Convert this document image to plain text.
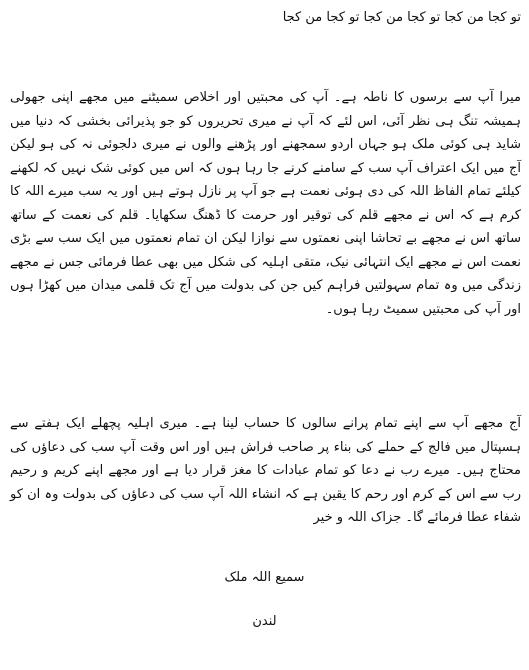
تو کجا من کجا تو کجا من کجا تو کجا من کجا
میرا آپ سے برسوں کا ناطہ ہے۔ آپ کی محبتیں اور اخلاص سمیٹنے میں مجھے اپنی جھولی ہمیشہ تنگ ہی نظر آئی، اس لئے کہ آپ نے میری تحریروں کو جو پذیرائی بخشی کہ دنیا میں شاید ہی کوئی ملک ہو جہاں اردو سمجھنے اور پڑھنے والوں نے میری دلجوئی نہ کی ہو لیکن آج میں ایک اعتراف آپ سب کے سامنے کرنے جا رہا ہوں کہ اس میں کوئی شک نہیں کہ لکھنے کیلئے تمام الفاظ اللہ کی دی ہوئی نعمت ہے جو آپ پر نازل ہوتے ہیں اور یہ سب میرے اللہ کا کرم ہے کہ اس نے مجھے قلم کی توقیر اور حرمت کا ڈھنگ سکھایا۔ قلم کی نعمت کے ساتھ ساتھ اس نے مجھے بے تحاشا اپنی نعمتوں سے نوازا لیکن ان تمام نعمتوں میں ایک سب سے بڑی نعمت اس نے مجھے ایک انتہائی نیک، متقی اہلیہ کی شکل میں بھی عطا فرمائی جس نے مجھے زندگی میں وہ تمام سہولتیں فراہم کیں جن کی بدولت میں آج تک قلمی میدان میں کھڑا ہوں اور آپ کی محبتیں سمیٹ رہا ہوں۔
آج مجھے آپ سے اپنے تمام پرانے سالوں کا حساب لینا ہے۔ میری اہلیہ پچھلے ایک ہفتے سے ہسپتال میں فالج کے حملے کی بناء پر صاحب فراش ہیں اور اس وقت آپ سب کی دعاؤں کی محتاج ہیں۔ میرے رب نے دعا کو تمام عبادات کا مغز قرار دیا ہے اور مجھے اپنے کریم و رحیم رب سے اس کے کرم اور رحم کا یقین ہے کہ انشاء اللہ آپ سب کی دعاؤں کی بدولت وہ ان کو شفاء عطا فرمائے گا۔ جزاک اللہ و خیر
سمیع اللہ ملک
لندن
